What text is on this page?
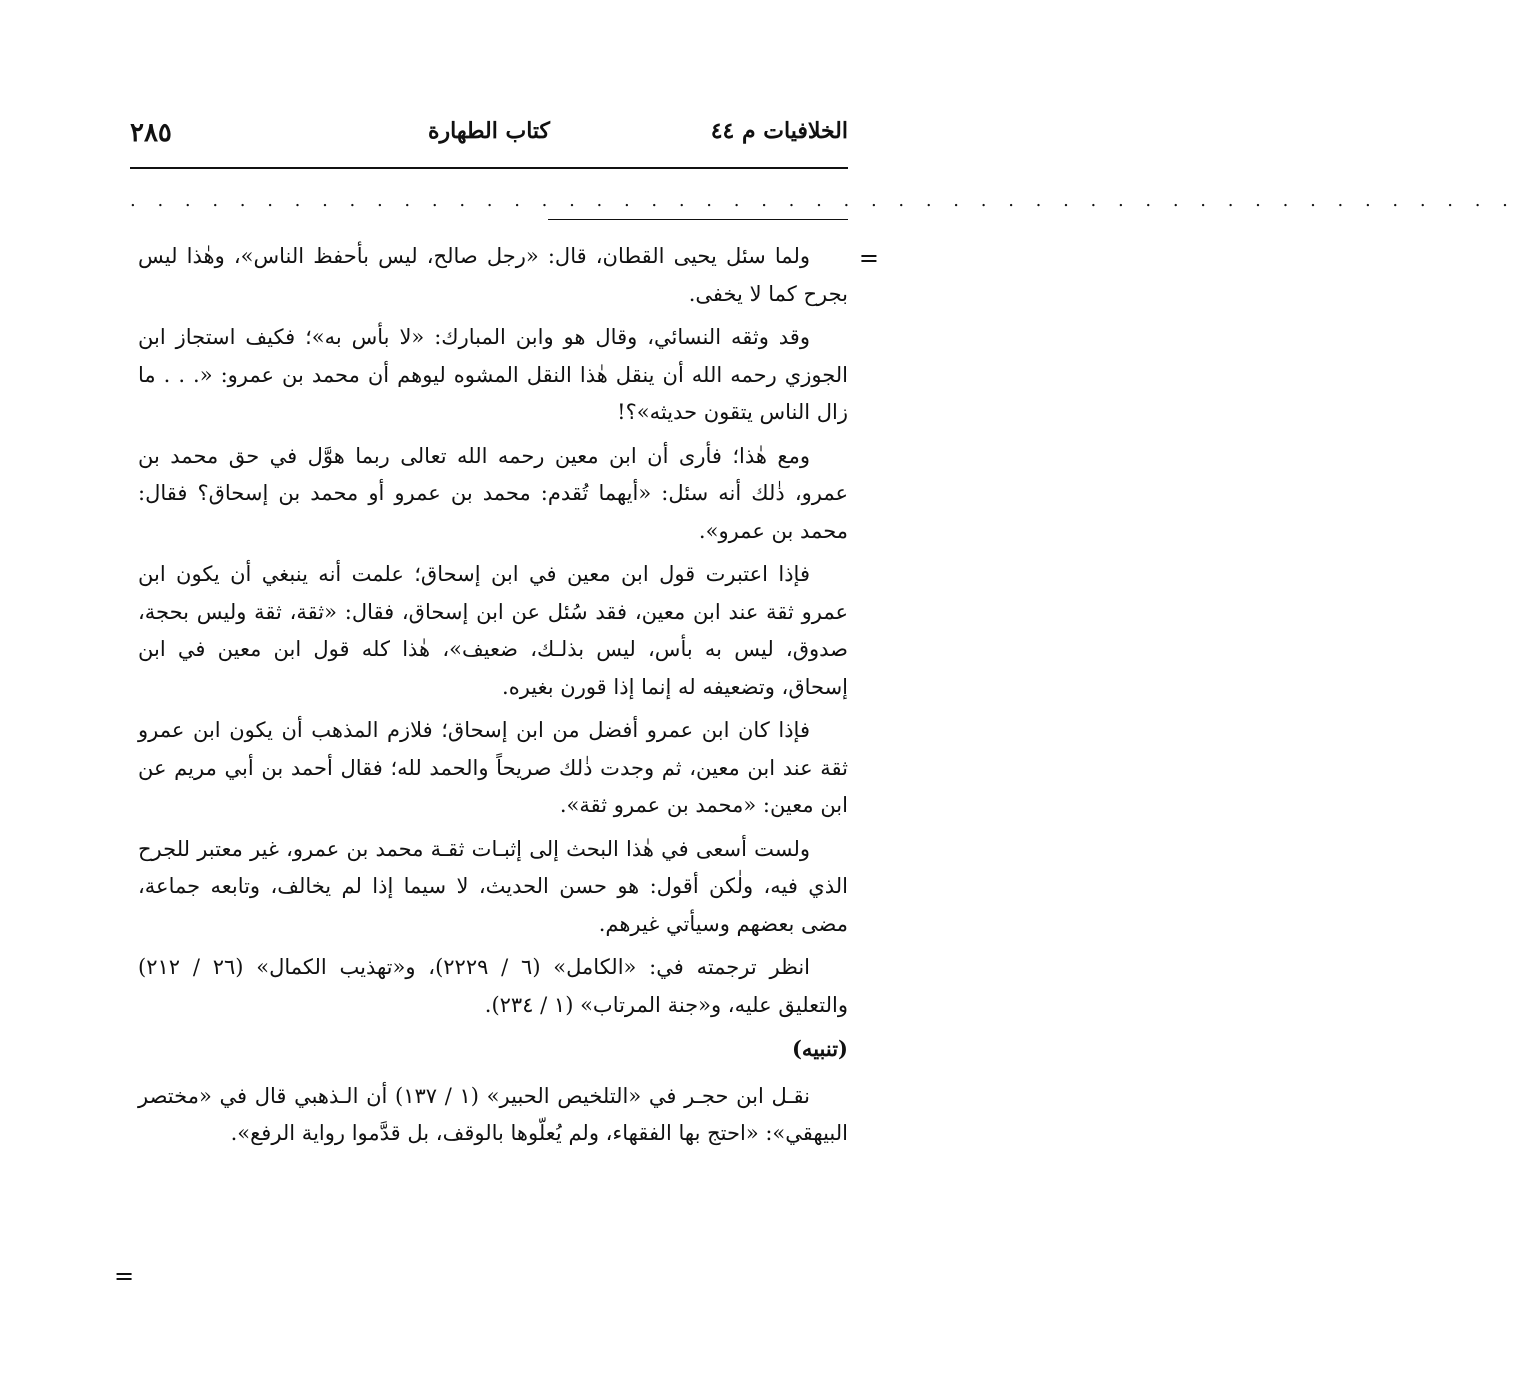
الخلافيات م ٤٤
كتاب الطهارة
٢٨٥
. . . . . . . . . . . . . . . . . . . . . . . . . . . . . . . . . . . . . . . . . . . . . . . . . . .
=

ولما سئل يحيى القطان، قال: «رجل صالح، ليس بأحفظ الناس»، وهٰذا ليس بجرح كما لا يخفى.

وقد وثقه النسائي، وقال هو وابن المبارك: «لا بأس به»؛ فكيف استجاز ابن الجوزي رحمه الله أن ينقل هٰذا النقل المشوه ليوهم أن محمد بن عمرو: «. . . ما زال الناس يتقون حديثه»؟!

ومع هٰذا؛ فأرى أن ابن معين رحمه الله تعالى ربما هوَّل في حق محمد بن عمرو، ذٰلك أنه سئل: «أيهما تُقدم: محمد بن عمرو أو محمد بن إسحاق؟ فقال: محمد بن عمرو».

فإذا اعتبرت قول ابن معين في ابن إسحاق؛ علمت أنه ينبغي أن يكون ابن عمرو ثقة عند ابن معين، فقد سُئل عن ابن إسحاق، فقال: «ثقة، ثقة وليس بحجة، صدوق، ليس به بأس، ليس بذلـك، ضعيف»، هٰذا كله قول ابن معين في ابن إسحاق، وتضعيفه له إنما إذا قورن بغيره.

فإذا كان ابن عمرو أفضل من ابن إسحاق؛ فلازم المذهب أن يكون ابن عمرو ثقة عند ابن معين، ثم وجدت ذٰلك صريحاً والحمد لله؛ فقال أحمد بن أبي مريم عن ابن معين: «محمد بن عمرو ثقة».

ولست أسعى في هٰذا البحث إلى إثبـات ثقـة محمد بن عمرو، غير معتبر للجرح الذي فيه، ولٰكن أقول: هو حسن الحديث، لا سيما إذا لم يخالف، وتابعه جماعة، مضى بعضهم وسيأتي غيرهم.

انظر ترجمته في: «الكامل» (٦ / ٢٢٢٩)، و«تهذيب الكمال» (٢٦ / ٢١٢) والتعليق عليه، و«جنة المرتاب» (١ / ٢٣٤).

(تنبيه)

نقـل ابن حجـر في «التلخيص الحبير» (١ / ١٣٧) أن الـذهبي قال في «مختصر البيهقي»: «احتج بها الفقهاء، ولم يُعلّوها بالوقف، بل قدَّموا رواية الرفع».

=
